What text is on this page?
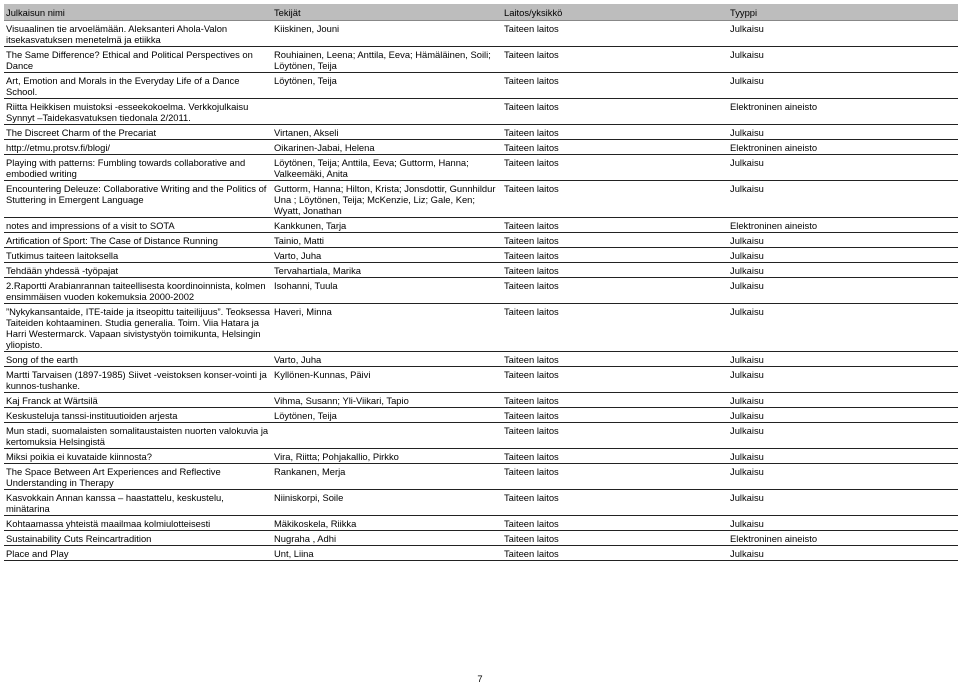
Julkaisun nimi	Tekijät	Laitos/yksikkö	Tyyppi
Visuaalinen tie arvoelämään. Aleksanteri Ahola-Valon itsekasvatuksen menetelmä ja etiikka	Kiiskinen, Jouni	Taiteen laitos	Julkaisu
The Same Difference? Ethical and Political Perspectives on Dance	Rouhiainen, Leena; Anttila, Eeva; Hämäläinen, Soili; Löytönen, Teija	Taiteen laitos	Julkaisu
Art, Emotion and Morals in the Everyday Life of a Dance School.	Löytönen, Teija	Taiteen laitos	Julkaisu
Riitta Heikkisen muistoksi -esseekokoelma. Verkkojulkaisu Synnyt –Taidekasvatuksen tiedonala 2/2011.		Taiteen laitos	Elektroninen aineisto
The Discreet Charm of the Precariat	Virtanen, Akseli	Taiteen laitos	Julkaisu
http://etmu.protsv.fi/blogi/	Oikarinen-Jabai, Helena	Taiteen laitos	Elektroninen aineisto
Playing with patterns: Fumbling towards collaborative and embodied writing	Löytönen, Teija; Anttila, Eeva; Guttorm, Hanna; Valkeemäki, Anita	Taiteen laitos	Julkaisu
Encountering Deleuze: Collaborative Writing and the Politics of Stuttering in Emergent Language	Guttorm, Hanna; Hilton, Krista; Jonsdottir, Gunnhildur Una ; Löytönen, Teija; McKenzie, Liz; Gale, Ken; Wyatt, Jonathan	Taiteen laitos	Julkaisu
notes and impressions of a visit to SOTA	Kankkunen, Tarja	Taiteen laitos	Elektroninen aineisto
Artification of Sport: The Case of Distance Running	Tainio, Matti	Taiteen laitos	Julkaisu
Tutkimus taiteen laitoksella	Varto, Juha	Taiteen laitos	Julkaisu
Tehdään yhdessä -työpajat	Tervahartiala, Marika	Taiteen laitos	Julkaisu
2.Raportti Arabianrannan taiteellisesta koordinoinnista, kolmen ensimmäisen vuoden kokemuksia 2000-2002	Isohanni, Tuula	Taiteen laitos	Julkaisu
”Nykykansantaide, ITE-taide ja itseopittu taiteilijuus”. Teoksessa Taiteiden kohtaaminen. Studia generalia. Toim. Viia Hatara ja Harri Westermarck. Vapaan sivistystyön toimikunta, Helsingin yliopisto.	Haveri, Minna	Taiteen laitos	Julkaisu
Song of the earth	Varto, Juha	Taiteen laitos	Julkaisu
Martti Tarvaisen (1897-1985) Siivet -veistoksen konser-vointi ja kunnos-tushanke.	Kyllönen-Kunnas, Päivi	Taiteen laitos	Julkaisu
Kaj Franck at Wärtsilä	Vihma, Susann; Yli-Viikari, Tapio	Taiteen laitos	Julkaisu
Keskusteluja tanssi-instituutioiden arjesta	Löytönen, Teija	Taiteen laitos	Julkaisu
Mun stadi, suomalaisten somalitaustaisten nuorten valokuvia ja kertomuksia Helsingistä		Taiteen laitos	Julkaisu
Miksi poikia ei kuvataide kiinnosta?	Vira, Riitta; Pohjakallio, Pirkko	Taiteen laitos	Julkaisu
The Space Between Art Experiences and Reflective Understanding in Therapy	Rankanen, Merja	Taiteen laitos	Julkaisu
Kasvokkain Annan kanssa – haastattelu, keskustelu, minätarina	Niiniskorpi, Soile	Taiteen laitos	Julkaisu
Kohtaamassa yhteistä maailmaa kolmiulotteisesti	Mäkikoskela, Riikka	Taiteen laitos	Julkaisu
Sustainability Cuts Reincartradition	Nugraha , Adhi	Taiteen laitos	Elektroninen aineisto
Place and Play	Unt, Liina	Taiteen laitos	Julkaisu
7
